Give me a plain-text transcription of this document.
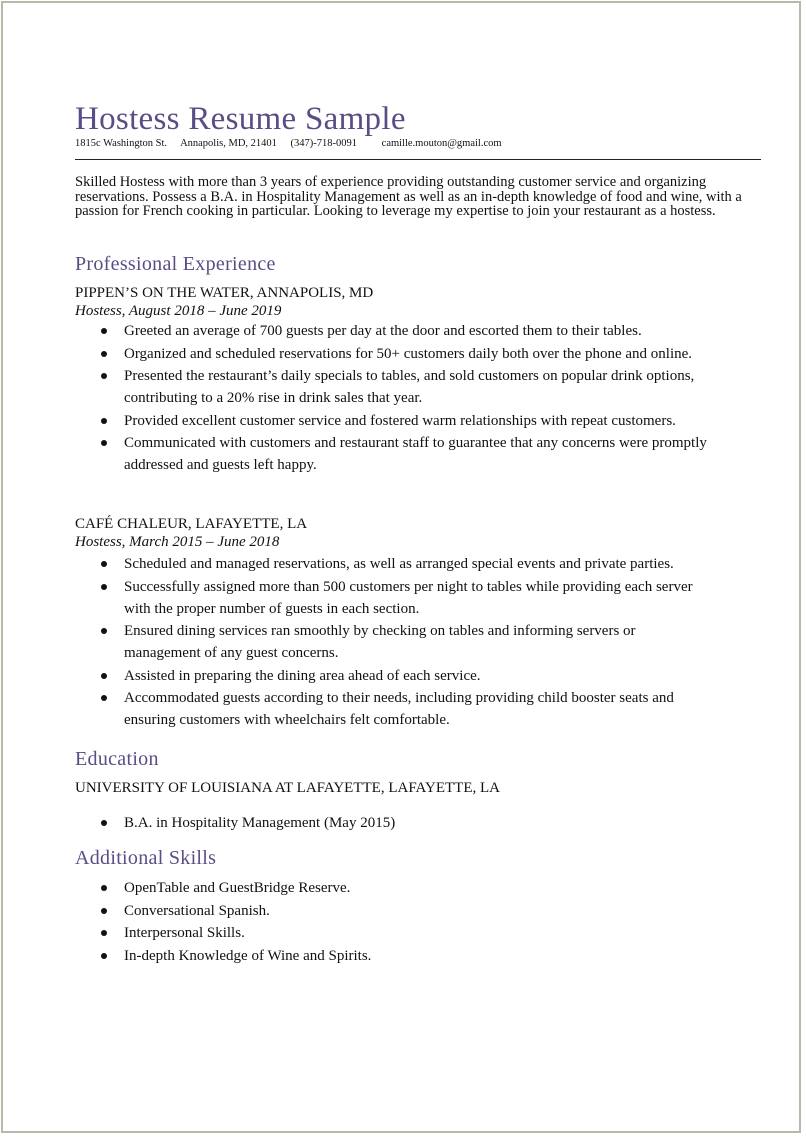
Hostess Resume Sample
1815c Washington St. Annapolis, MD, 21401 (347)-718-0091 camille.mouton@gmail.com
Skilled Hostess with more than 3 years of experience providing outstanding customer service and organizing reservations. Possess a B.A. in Hospitality Management as well as an in-depth knowledge of food and wine, with a passion for French cooking in particular. Looking to leverage my expertise to join your restaurant as a hostess.
Professional Experience
PIPPEN’S ON THE WATER, ANNAPOLIS, MD
Hostess, August 2018 – June 2019
Greeted an average of 700 guests per day at the door and escorted them to their tables.
Organized and scheduled reservations for 50+ customers daily both over the phone and online.
Presented the restaurant’s daily specials to tables, and sold customers on popular drink options, contributing to a 20% rise in drink sales that year.
Provided excellent customer service and fostered warm relationships with repeat customers.
Communicated with customers and restaurant staff to guarantee that any concerns were promptly addressed and guests left happy.
CAFÉ CHALEUR, LAFAYETTE, LA
Hostess, March 2015 – June 2018
Scheduled and managed reservations, as well as arranged special events and private parties.
Successfully assigned more than 500 customers per night to tables while providing each server with the proper number of guests in each section.
Ensured dining services ran smoothly by checking on tables and informing servers or management of any guest concerns.
Assisted in preparing the dining area ahead of each service.
Accommodated guests according to their needs, including providing child booster seats and ensuring customers with wheelchairs felt comfortable.
Education
UNIVERSITY OF LOUISIANA AT LAFAYETTE, LAFAYETTE, LA
B.A. in Hospitality Management (May 2015)
Additional Skills
OpenTable and GuestBridge Reserve.
Conversational Spanish.
Interpersonal Skills.
In-depth Knowledge of Wine and Spirits.
